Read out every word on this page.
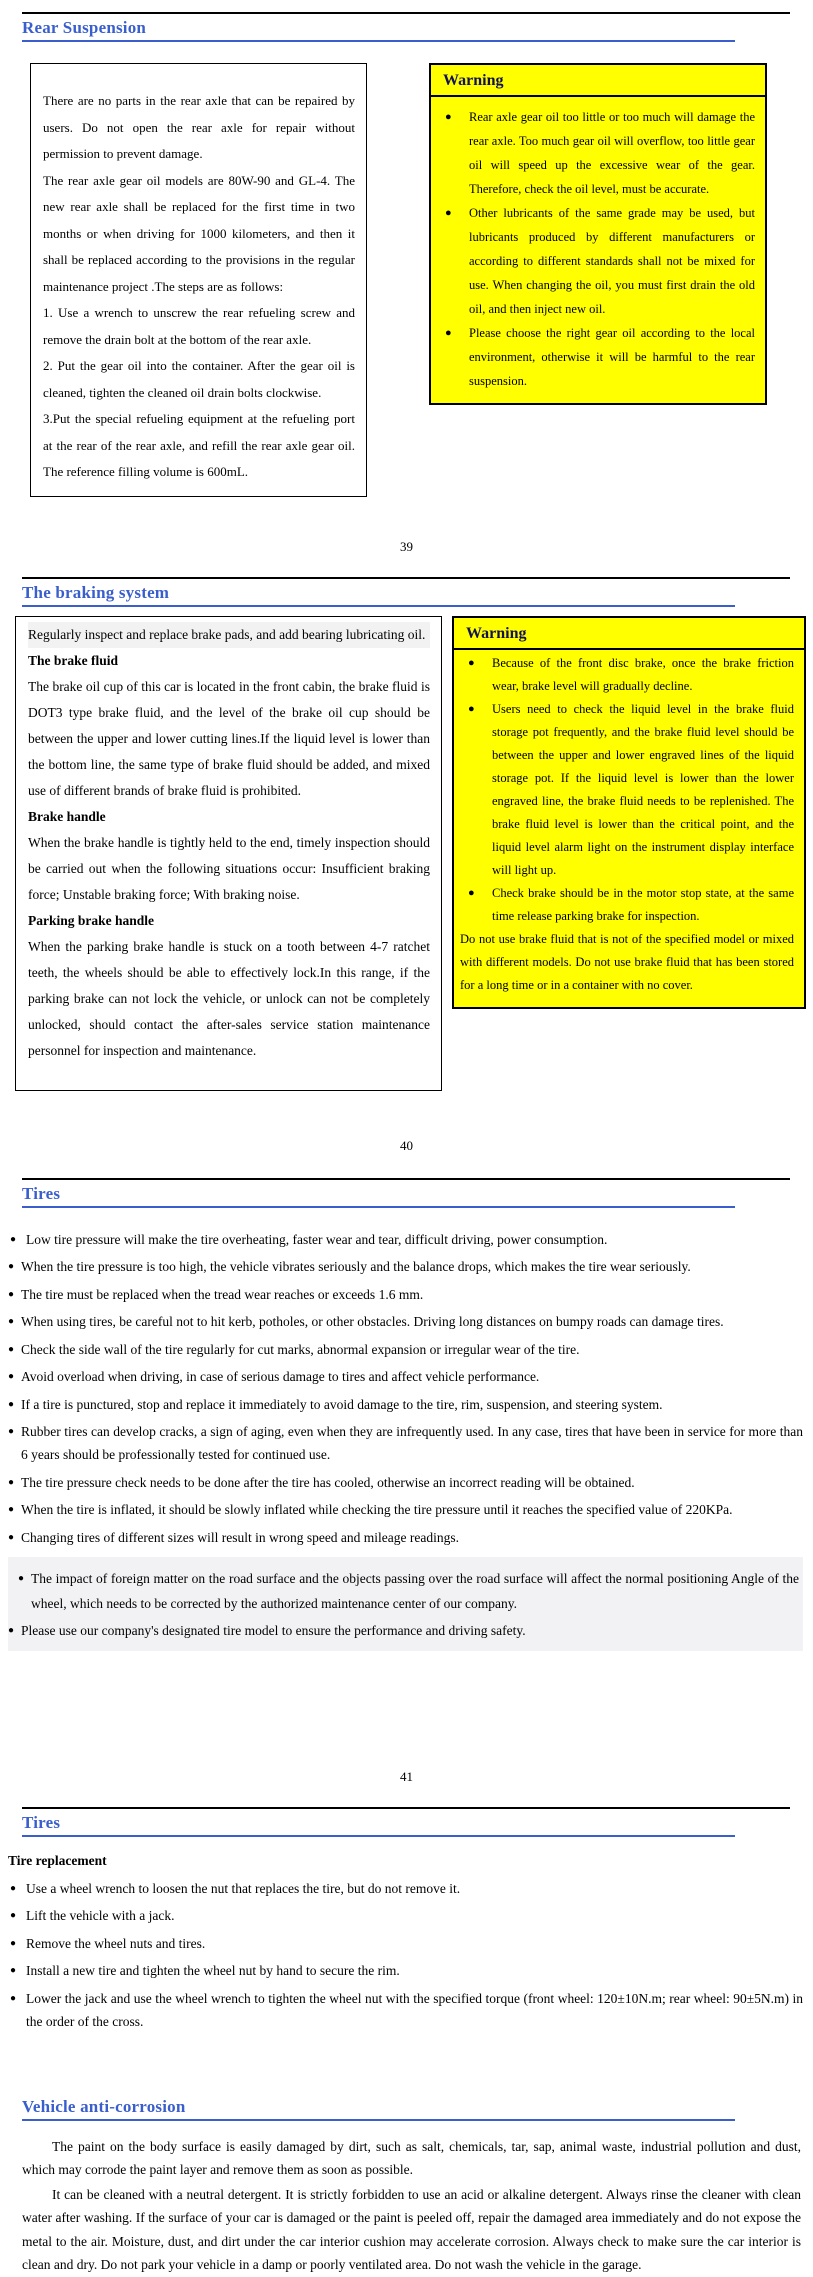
Rear Suspension

There are no parts in the rear axle that can be repaired by users. Do not open the rear axle for repair without permission to prevent damage.

The rear axle gear oil models are 80W-90 and GL-4. The new rear axle shall be replaced for the first time in two months or when driving for 1000 kilometers, and then it shall be replaced according to the provisions in the regular maintenance project .The steps are as follows:

1. Use a wrench to unscrew the rear refueling screw and remove the drain bolt at the bottom of the rear axle.

2. Put the gear oil into the container. After the gear oil is cleaned, tighten the cleaned oil drain bolts clockwise.

3.Put the special refueling equipment at the refueling port at the rear of the rear axle, and refill the rear axle gear oil. The reference filling volume is 600mL.

Warning

● Rear axle gear oil too little or too much will damage the rear axle. Too much gear oil will overflow, too little gear oil will speed up the excessive wear of the gear. Therefore, check the oil level, must be accurate.

● Other lubricants of the same grade may be used, but lubricants produced by different manufacturers or according to different standards shall not be mixed for use. When changing the oil, you must first drain the old oil, and then inject new oil.

● Please choose the right gear oil according to the local environment, otherwise it will be harmful to the rear suspension.

39
The braking system

Regularly inspect and replace brake pads, and add bearing lubricating oil.

The brake fluid

The brake oil cup of this car is located in the front cabin, the brake fluid is DOT3 type brake fluid, and the level of the brake oil cup should be between the upper and lower cutting lines.If the liquid level is lower than the bottom line, the same type of brake fluid should be added, and mixed use of different brands of brake fluid is prohibited.

Brake handle

When the brake handle is tightly held to the end, timely inspection should be carried out when the following situations occur: Insufficient braking force; Unstable braking force; With braking noise.

Parking brake handle

When the parking brake handle is stuck on a tooth between 4-7 ratchet teeth, the wheels should be able to effectively lock.In this range, if the parking brake can not lock the vehicle, or unlock can not be completely unlocked, should contact the after-sales service station maintenance personnel for inspection and maintenance.

Warning

● Because of the front disc brake, once the brake friction wear, brake level will gradually decline.

● Users need to check the liquid level in the brake fluid storage pot frequently, and the brake fluid level should be between the upper and lower engraved lines of the liquid storage pot. If the liquid level is lower than the lower engraved line, the brake fluid needs to be replenished. The brake fluid level is lower than the critical point, and the liquid level alarm light on the instrument display interface will light up.

● Check brake should be in the motor stop state, at the same time release parking brake for inspection.

Do not use brake fluid that is not of the specified model or mixed with different models. Do not use brake fluid that has been stored for a long time or in a container with no cover.

40
Tires
● Low tire pressure will make the tire overheating, faster wear and tear, difficult driving, power consumption.
● When the tire pressure is too high, the vehicle vibrates seriously and the balance drops, which makes the tire wear seriously.
● The tire must be replaced when the tread wear reaches or exceeds 1.6 mm.
● When using tires, be careful not to hit kerb, potholes, or other obstacles. Driving long distances on bumpy roads can damage tires.
● Check the side wall of the tire regularly for cut marks, abnormal expansion or irregular wear of the tire.
● Avoid overload when driving, in case of serious damage to tires and affect vehicle performance.
● If a tire is punctured, stop and replace it immediately to avoid damage to the tire, rim, suspension, and steering system.
● Rubber tires can develop cracks, a sign of aging, even when they are infrequently used. In any case, tires that have been in service for more than 6 years should be professionally tested for continued use.
● The tire pressure check needs to be done after the tire has cooled, otherwise an incorrect reading will be obtained.
● When the tire is inflated, it should be slowly inflated while checking the tire pressure until it reaches the specified value of 220KPa.
● Changing tires of different sizes will result in wrong speed and mileage readings.
● The impact of foreign matter on the road surface and the objects passing over the road surface will affect the normal positioning Angle of the wheel, which needs to be corrected by the authorized maintenance center of our company.
● Please use our company's designated tire model to ensure the performance and driving safety.
41
Tires
Tire replacement
● Use a wheel wrench to loosen the nut that replaces the tire, but do not remove it.
● Lift the vehicle with a jack.
● Remove the wheel nuts and tires.
● Install a new tire and tighten the wheel nut by hand to secure the rim.
● Lower the jack and use the wheel wrench to tighten the wheel nut with the specified torque (front wheel: 120±10N.m; rear wheel: 90±5N.m) in the order of the cross.
Vehicle anti-corrosion

The paint on the body surface is easily damaged by dirt, such as salt, chemicals, tar, sap, animal waste, industrial pollution and dust, which may corrode the paint layer and remove them as soon as possible.

It can be cleaned with a neutral detergent. It is strictly forbidden to use an acid or alkaline detergent. Always rinse the cleaner with clean water after washing. If the surface of your car is damaged or the paint is peeled off, repair the damaged area immediately and do not expose the metal to the air. Moisture, dust, and dirt under the car interior cushion may accelerate corrosion. Always check to make sure the car interior is clean and dry. Do not park your vehicle in a damp or poorly ventilated area. Do not wash the vehicle in the garage.
